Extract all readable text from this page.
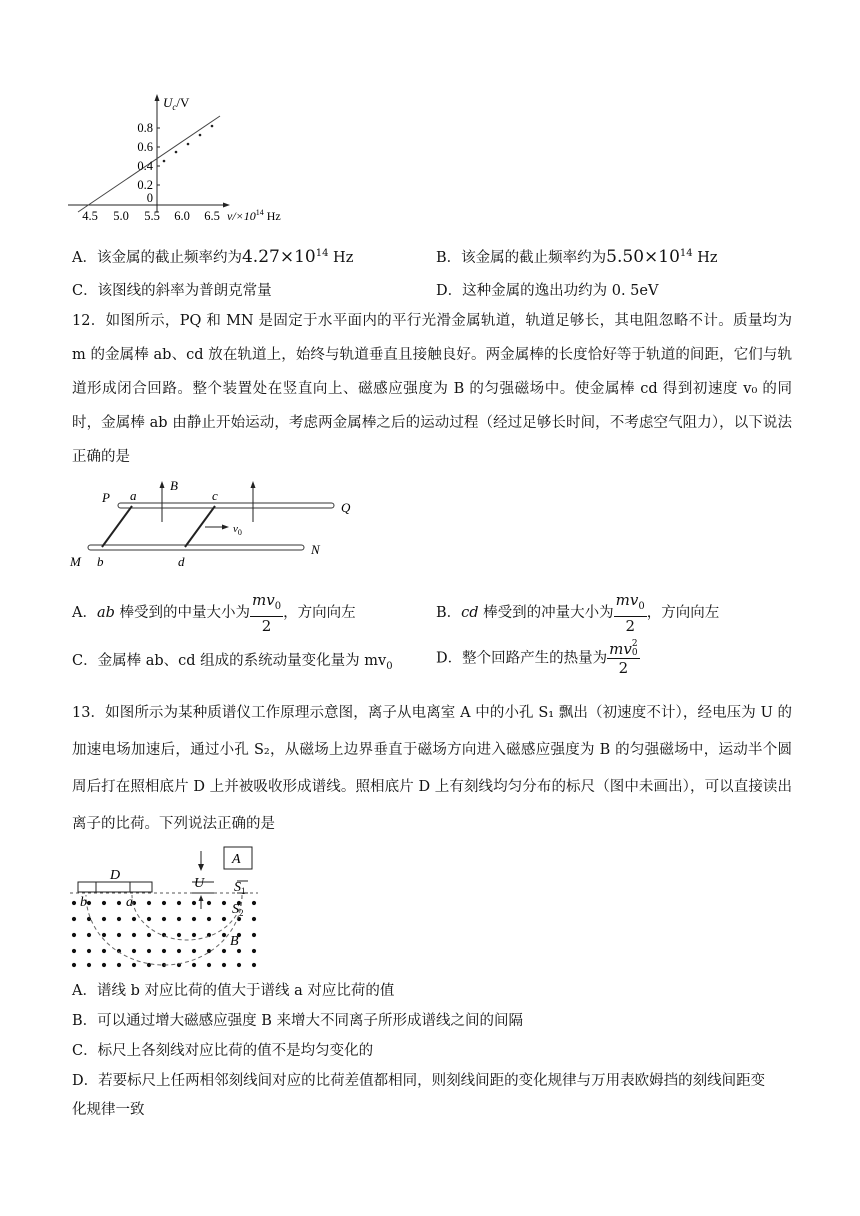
$U_c/V$
0.8
0.6
0.4
0.2
0
4.5 5.0 5.5 6.0 6.5 $\nu/\times 10^{14}$ Hz
A．该金属的截止频率约为$4.27\times 10^{14}$ Hz	B．该金属的截止频率约为$5.50\times 10^{14}$ Hz
C．该图线的斜率为普朗克常量	D．这种金属的逸出功约为 0. 5eV
12．如图所示，PQ 和 MN 是固定于水平面内的平行光滑金属轨道，轨道足够长，其电阻忽略不计。质量均为 m 的金属棒 ab、cd 放在轨道上，始终与轨道垂直且接触良好。两金属棒的长度恰好等于轨道的间距，它们与轨道形成闭合回路。整个装置处在竖直向上、磁感应强度为 B 的匀强磁场中。使金属棒 cd 得到初速度 v₀ 的同时，金属棒 ab 由静止开始运动，考虑两金属棒之后的运动过程（经过足够长时间，不考虑空气阻力），以下说法正确的是
P
Q
M
N
a
b
c
d
B
$v_0$
A．ab 棒受到的中量大小为 $\frac{mv_0}{2}$ ，方向向左	B．cd 棒受到的冲量大小为 $\frac{mv_0}{2}$ ，方向向左
C．金属棒 ab、cd 组成的系统动量变化量为 $mv_0$	D．整个回路产生的热量为 mv 2
0
2
13．如图所示为某种质谱仪工作原理示意图，离子从电离室 A 中的小孔 S₁ 飘出（初速度不计），经电压为 U 的加速电场加速后，通过小孔 S₂，从磁场上边界垂直于磁场方向进入磁感应强度为 B 的匀强磁场中，运动半个圆周后打在照相底片 D 上并被吸收形成谱线。照相底片 D 上有刻线均匀分布的标尺（图中未画出），可以直接读出离子的比荷。下列说法正确的是
A
D
U $S_1$
$S_2$
a
b
B
A．谱线 b 对应比荷的值大于谱线 a 对应比荷的值
B．可以通过增大磁感应强度 B 来增大不同离子所形成谱线之间的间隔
C．标尺上各刻线对应比荷的值不是均匀变化的
D．若要标尺上任两相邻刻线间对应的比荷差值都相同，则刻线间距的变化规律与万用表欧姆挡的刻线间距变
化规律一致
